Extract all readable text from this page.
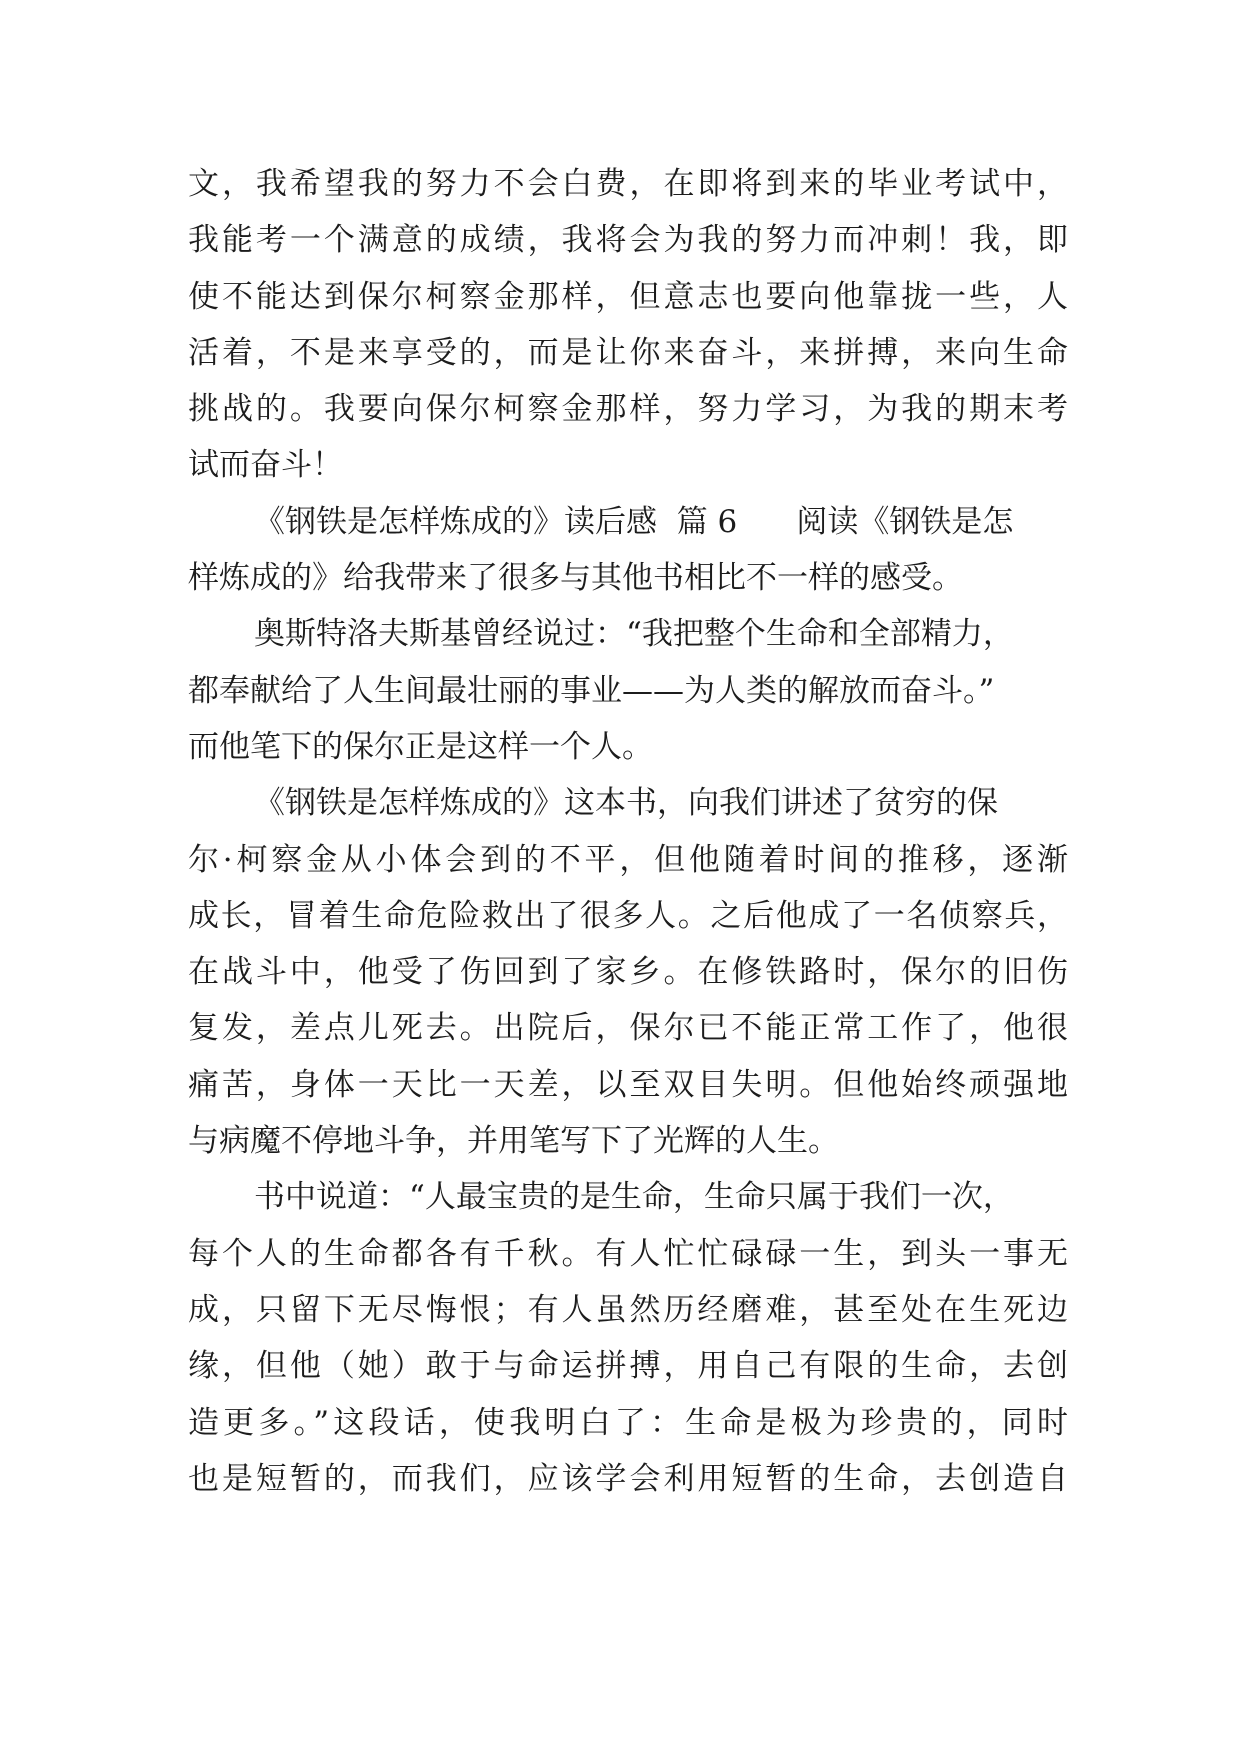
文，我希望我的努力不会白费，在即将到来的毕业考试中，
我能考一个满意的成绩，我将会为我的努力而冲刺！我，即
使不能达到保尔柯察金那样，但意志也要向他靠拢一些，人
活着，不是来享受的，而是让你来奋斗，来拼搏，来向生命
挑战的。我要向保尔柯察金那样，努力学习，为我的期末考
试而奋斗！
《钢铁是怎样炼成的》读后感  篇 6      阅读《钢铁是怎
样炼成的》给我带来了很多与其他书相比不一样的感受。
奥斯特洛夫斯基曾经说过：“我把整个生命和全部精力，
都奉献给了人生间最壮丽的事业——为人类的解放而奋斗。”
而他笔下的保尔正是这样一个人。
《钢铁是怎样炼成的》这本书，向我们讲述了贫穷的保
尔·柯察金从小体会到的不平，但他随着时间的推移，逐渐
成长，冒着生命危险救出了很多人。之后他成了一名侦察兵，
在战斗中，他受了伤回到了家乡。在修铁路时，保尔的旧伤
复发，差点儿死去。出院后，保尔已不能正常工作了，他很
痛苦，身体一天比一天差，以至双目失明。但他始终顽强地
与病魔不停地斗争，并用笔写下了光辉的人生。
书中说道：“人最宝贵的是生命，生命只属于我们一次，
每个人的生命都各有千秋。有人忙忙碌碌一生，到头一事无
成，只留下无尽悔恨；有人虽然历经磨难，甚至处在生死边
缘，但他（她）敢于与命运拼搏，用自己有限的生命，去创
造更多。”这段话，使我明白了：生命是极为珍贵的，同时
也是短暂的，而我们，应该学会利用短暂的生命，去创造自
